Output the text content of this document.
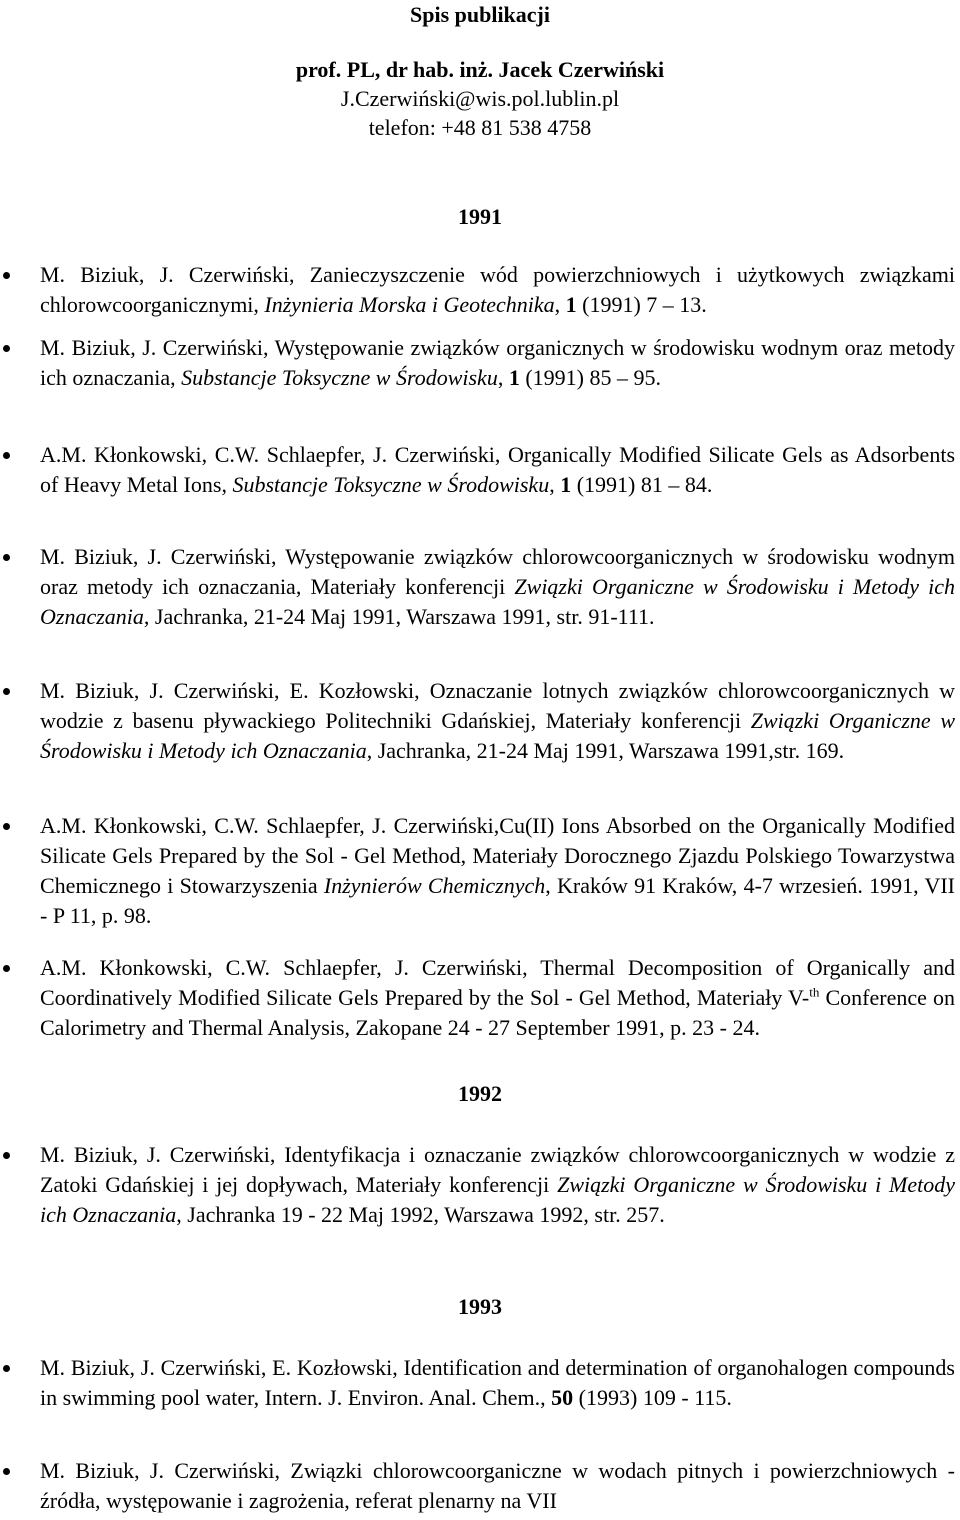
Spis publikacji
prof. PL, dr hab. inż. Jacek Czerwiński
J.Czerwiński@wis.pol.lublin.pl
telefon: +48 81 538 4758
1991
M. Biziuk, J. Czerwiński, Zanieczyszczenie wód powierzchniowych i użytkowych związkami chlorowcoorganicznymi, Inżynieria Morska i Geotechnika, 1 (1991) 7 – 13.
M. Biziuk, J. Czerwiński, Występowanie związków organicznych w środowisku wodnym oraz metody ich oznaczania, Substancje Toksyczne w Środowisku, 1 (1991) 85 – 95.
A.M. Kłonkowski, C.W. Schlaepfer, J. Czerwiński, Organically Modified Silicate Gels as Adsorbents of Heavy Metal Ions, Substancje Toksyczne w Środowisku, 1 (1991) 81 – 84.
M. Biziuk, J. Czerwiński, Występowanie związków chlorowcoorganicznych w środowisku wodnym oraz metody ich oznaczania, Materiały konferencji Związki Organiczne w Środowisku i Metody ich Oznaczania, Jachranka, 21-24 Maj 1991, Warszawa 1991, str. 91-111.
M. Biziuk, J. Czerwiński, E. Kozłowski, Oznaczanie lotnych związków chlorowcoorganicznych w wodzie z basenu pływackiego Politechniki Gdańskiej, Materiały konferencji Związki Organiczne w Środowisku i Metody ich Oznaczania, Jachranka, 21-24 Maj 1991, Warszawa 1991,str. 169.
A.M. Kłonkowski, C.W. Schlaepfer, J. Czerwiński,Cu(II) Ions Absorbed on the Organically Modified Silicate Gels Prepared by the Sol - Gel Method, Materiały Dorocznego Zjazdu Polskiego Towarzystwa Chemicznego i Stowarzyszenia Inżynierów Chemicznych, Kraków 91 Kraków, 4-7 wrzesień. 1991, VII - P 11, p. 98.
A.M. Kłonkowski, C.W. Schlaepfer, J. Czerwiński, Thermal Decomposition of Organically and Coordinatively Modified Silicate Gels Prepared by the Sol - Gel Method, Materiały V-$^{th}$ Conference on Calorimetry and Thermal Analysis, Zakopane 24 - 27 September 1991, p. 23 - 24.
1992
M. Biziuk, J. Czerwiński, Identyfikacja i oznaczanie związków chlorowcoorganicznych w wodzie z Zatoki Gdańskiej i jej dopływach, Materiały konferencji Związki Organiczne w Środowisku i Metody ich Oznaczania, Jachranka 19 - 22 Maj 1992, Warszawa 1992, str. 257.
1993
M. Biziuk, J. Czerwiński, E. Kozłowski, Identification and determination of organohalogen compounds in swimming pool water, Intern. J. Environ. Anal. Chem., 50 (1993) 109 - 115.
M. Biziuk, J. Czerwiński, Związki chlorowcoorganiczne w wodach pitnych i powierzchniowych - źródła, występowanie i zagrożenia, referat plenarny na VII
